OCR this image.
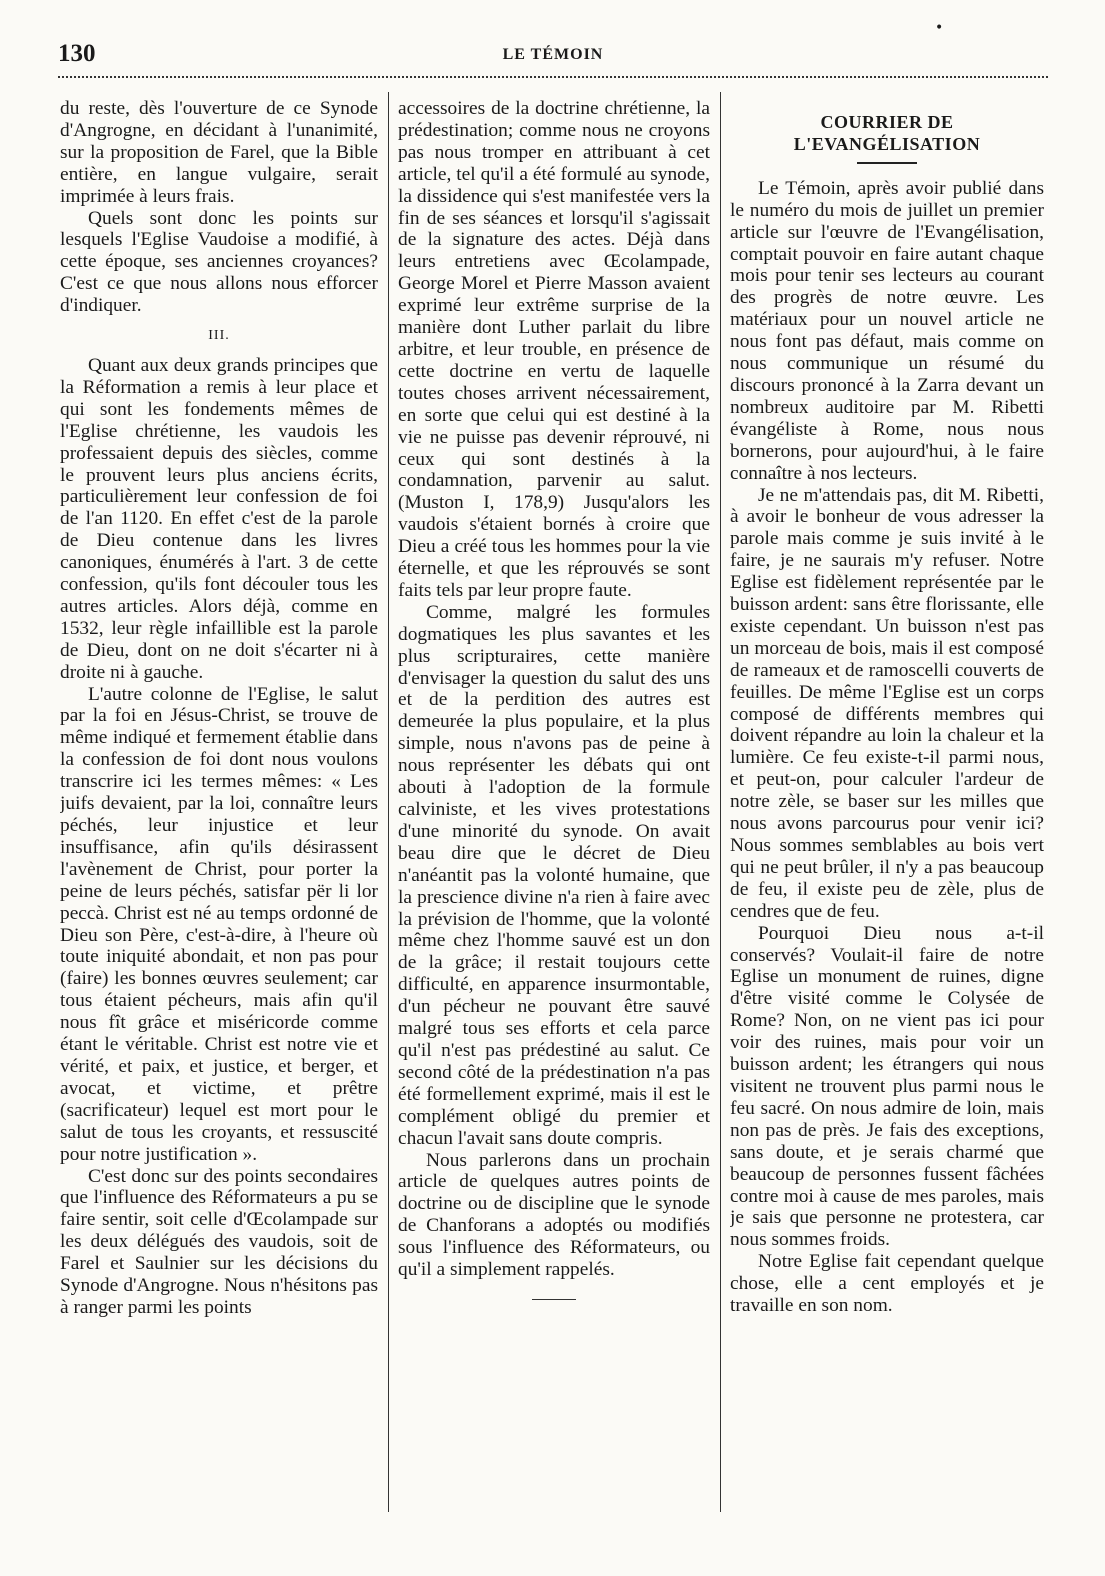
130	LE TÉMOIN
•

du reste, dès l'ouverture de ce Synode d'Angrogne, en décidant à l'unanimité, sur la proposition de Farel, que la Bible entière, en langue vulgaire, serait imprimée à leurs frais.

Quels sont donc les points sur lesquels l'Eglise Vaudoise a modifié, à cette époque, ses anciennes croyances? C'est ce que nous allons nous efforcer d'indiquer.

III.

Quant aux deux grands principes que la Réformation a remis à leur place et qui sont les fondements mêmes de l'Eglise chrétienne, les vaudois les professaient depuis des siècles, comme le prouvent leurs plus anciens écrits, particulièrement leur confession de foi de l'an 1120. En effet c'est de la parole de Dieu contenue dans les livres canoniques, énumérés à l'art. 3 de cette confession, qu'ils font découler tous les autres articles. Alors déjà, comme en 1532, leur règle infaillible est la parole de Dieu, dont on ne doit s'écarter ni à droite ni à gauche.

L'autre colonne de l'Eglise, le salut par la foi en Jésus-Christ, se trouve de même indiqué et fermement établie dans la confession de foi dont nous voulons transcrire ici les termes mêmes: « Les juifs devaient, par la loi, connaître leurs péchés, leur injustice et leur insuffisance, afin qu'ils désirassent l'avènement de Christ, pour porter la peine de leurs péchés, satisfar për li lor peccà. Christ est né au temps ordonné de Dieu son Père, c'est-à-dire, à l'heure où toute iniquité abondait, et non pas pour (faire) les bonnes œuvres seulement; car tous étaient pécheurs, mais afin qu'il nous fît grâce et miséricorde comme étant le véritable. Christ est notre vie et vérité, et paix, et justice, et berger, et avocat, et victime, et prêtre (sacrificateur) lequel est mort pour le salut de tous les croyants, et ressuscité pour notre justification ».

C'est donc sur des points secondaires que l'influence des Réformateurs a pu se faire sentir, soit celle d'Œcolampade sur les deux délégués des vaudois, soit de Farel et Saulnier sur les décisions du Synode d'Angrogne. Nous n'hésitons pas à ranger parmi les points

accessoires de la doctrine chrétienne, la prédestination; comme nous ne croyons pas nous tromper en attribuant à cet article, tel qu'il a été formulé au synode, la dissidence qui s'est manifestée vers la fin de ses séances et lorsqu'il s'agissait de la signature des actes. Déjà dans leurs entretiens avec Œcolampade, George Morel et Pierre Masson avaient exprimé leur extrême surprise de la manière dont Luther parlait du libre arbitre, et leur trouble, en présence de cette doctrine en vertu de laquelle toutes choses arrivent nécessairement, en sorte que celui qui est destiné à la vie ne puisse pas devenir réprouvé, ni ceux qui sont destinés à la condamnation, parvenir au salut. (Muston I, 178,9) Jusqu'alors les vaudois s'étaient bornés à croire que Dieu a créé tous les hommes pour la vie éternelle, et que les réprouvés se sont faits tels par leur propre faute.

Comme, malgré les formules dogmatiques les plus savantes et les plus scripturaires, cette manière d'envisager la question du salut des uns et de la perdition des autres est demeurée la plus populaire, et la plus simple, nous n'avons pas de peine à nous représenter les débats qui ont abouti à l'adoption de la formule calviniste, et les vives protestations d'une minorité du synode. On avait beau dire que le décret de Dieu n'anéantit pas la volonté humaine, que la prescience divine n'a rien à faire avec la prévision de l'homme, que la volonté même chez l'homme sauvé est un don de la grâce; il restait toujours cette difficulté, en apparence insurmontable, d'un pécheur ne pouvant être sauvé malgré tous ses efforts et cela parce qu'il n'est pas prédestiné au salut. Ce second côté de la prédestination n'a pas été formellement exprimé, mais il est le complément obligé du premier et chacun l'avait sans doute compris.

Nous parlerons dans un prochain article de quelques autres points de doctrine ou de discipline que le synode de Chanforans a adoptés ou modifiés sous l'influence des Réformateurs, ou qu'il a simplement rappelés.

COURRIER DE L'EVANGÉLISATION

Le Témoin, après avoir publié dans le numéro du mois de juillet un premier article sur l'œuvre de l'Evangélisation, comptait pouvoir en faire autant chaque mois pour tenir ses lecteurs au courant des progrès de notre œuvre. Les matériaux pour un nouvel article ne nous font pas défaut, mais comme on nous communique un résumé du discours prononcé à la Zarra devant un nombreux auditoire par M. Ribetti évangéliste à Rome, nous nous bornerons, pour aujourd'hui, à le faire connaître à nos lecteurs.

Je ne m'attendais pas, dit M. Ribetti, à avoir le bonheur de vous adresser la parole mais comme je suis invité à le faire, je ne saurais m'y refuser. Notre Eglise est fidèlement représentée par le buisson ardent: sans être florissante, elle existe cependant. Un buisson n'est pas un morceau de bois, mais il est composé de rameaux et de ramoscelli couverts de feuilles. De même l'Eglise est un corps composé de différents membres qui doivent répandre au loin la chaleur et la lumière. Ce feu existe-t-il parmi nous, et peut-on, pour calculer l'ardeur de notre zèle, se baser sur les milles que nous avons parcourus pour venir ici? Nous sommes semblables au bois vert qui ne peut brûler, il n'y a pas beaucoup de feu, il existe peu de zèle, plus de cendres que de feu.

Pourquoi Dieu nous a-t-il conservés? Voulait-il faire de notre Eglise un monument de ruines, digne d'être visité comme le Colysée de Rome? Non, on ne vient pas ici pour voir des ruines, mais pour voir un buisson ardent; les étrangers qui nous visitent ne trouvent plus parmi nous le feu sacré. On nous admire de loin, mais non pas de près. Je fais des exceptions, sans doute, et je serais charmé que beaucoup de personnes fussent fâchées contre moi à cause de mes paroles, mais je sais que personne ne protestera, car nous sommes froids.

Notre Eglise fait cependant quelque chose, elle a cent employés et je travaille en son nom.
